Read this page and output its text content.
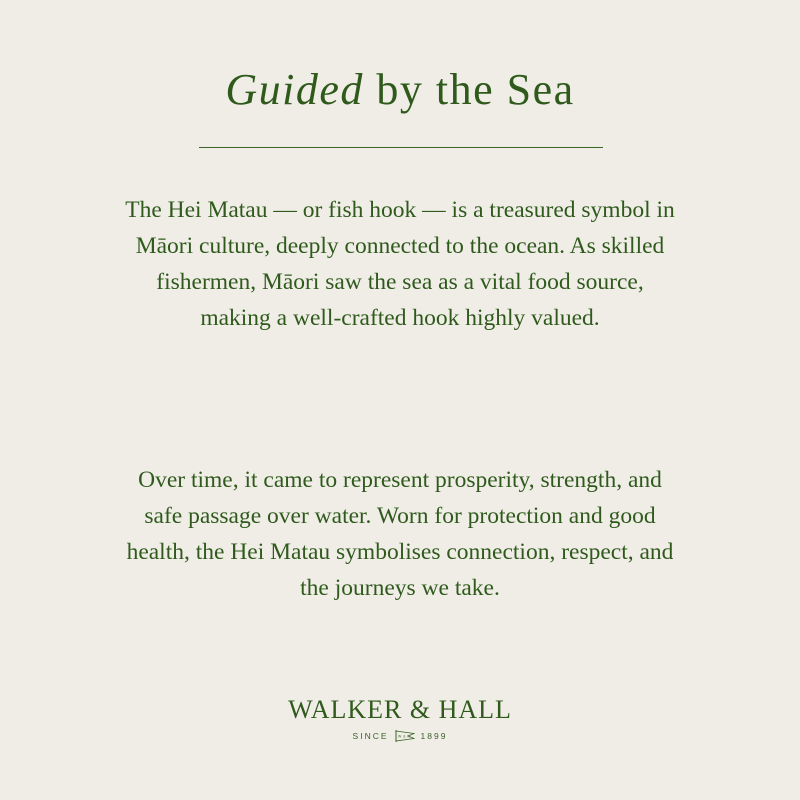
Guided by the Sea

The Hei Matau — or fish hook — is a treasured symbol in Māori culture, deeply connected to the ocean. As skilled fishermen, Māori saw the sea as a vital food source, making a well-crafted hook highly valued.

Over time, it came to represent prosperity, strength, and safe passage over water. Worn for protection and good health, the Hei Matau symbolises connection, respect, and the journeys we take.

WALKER & HALL
SINCE	W&H 1899
